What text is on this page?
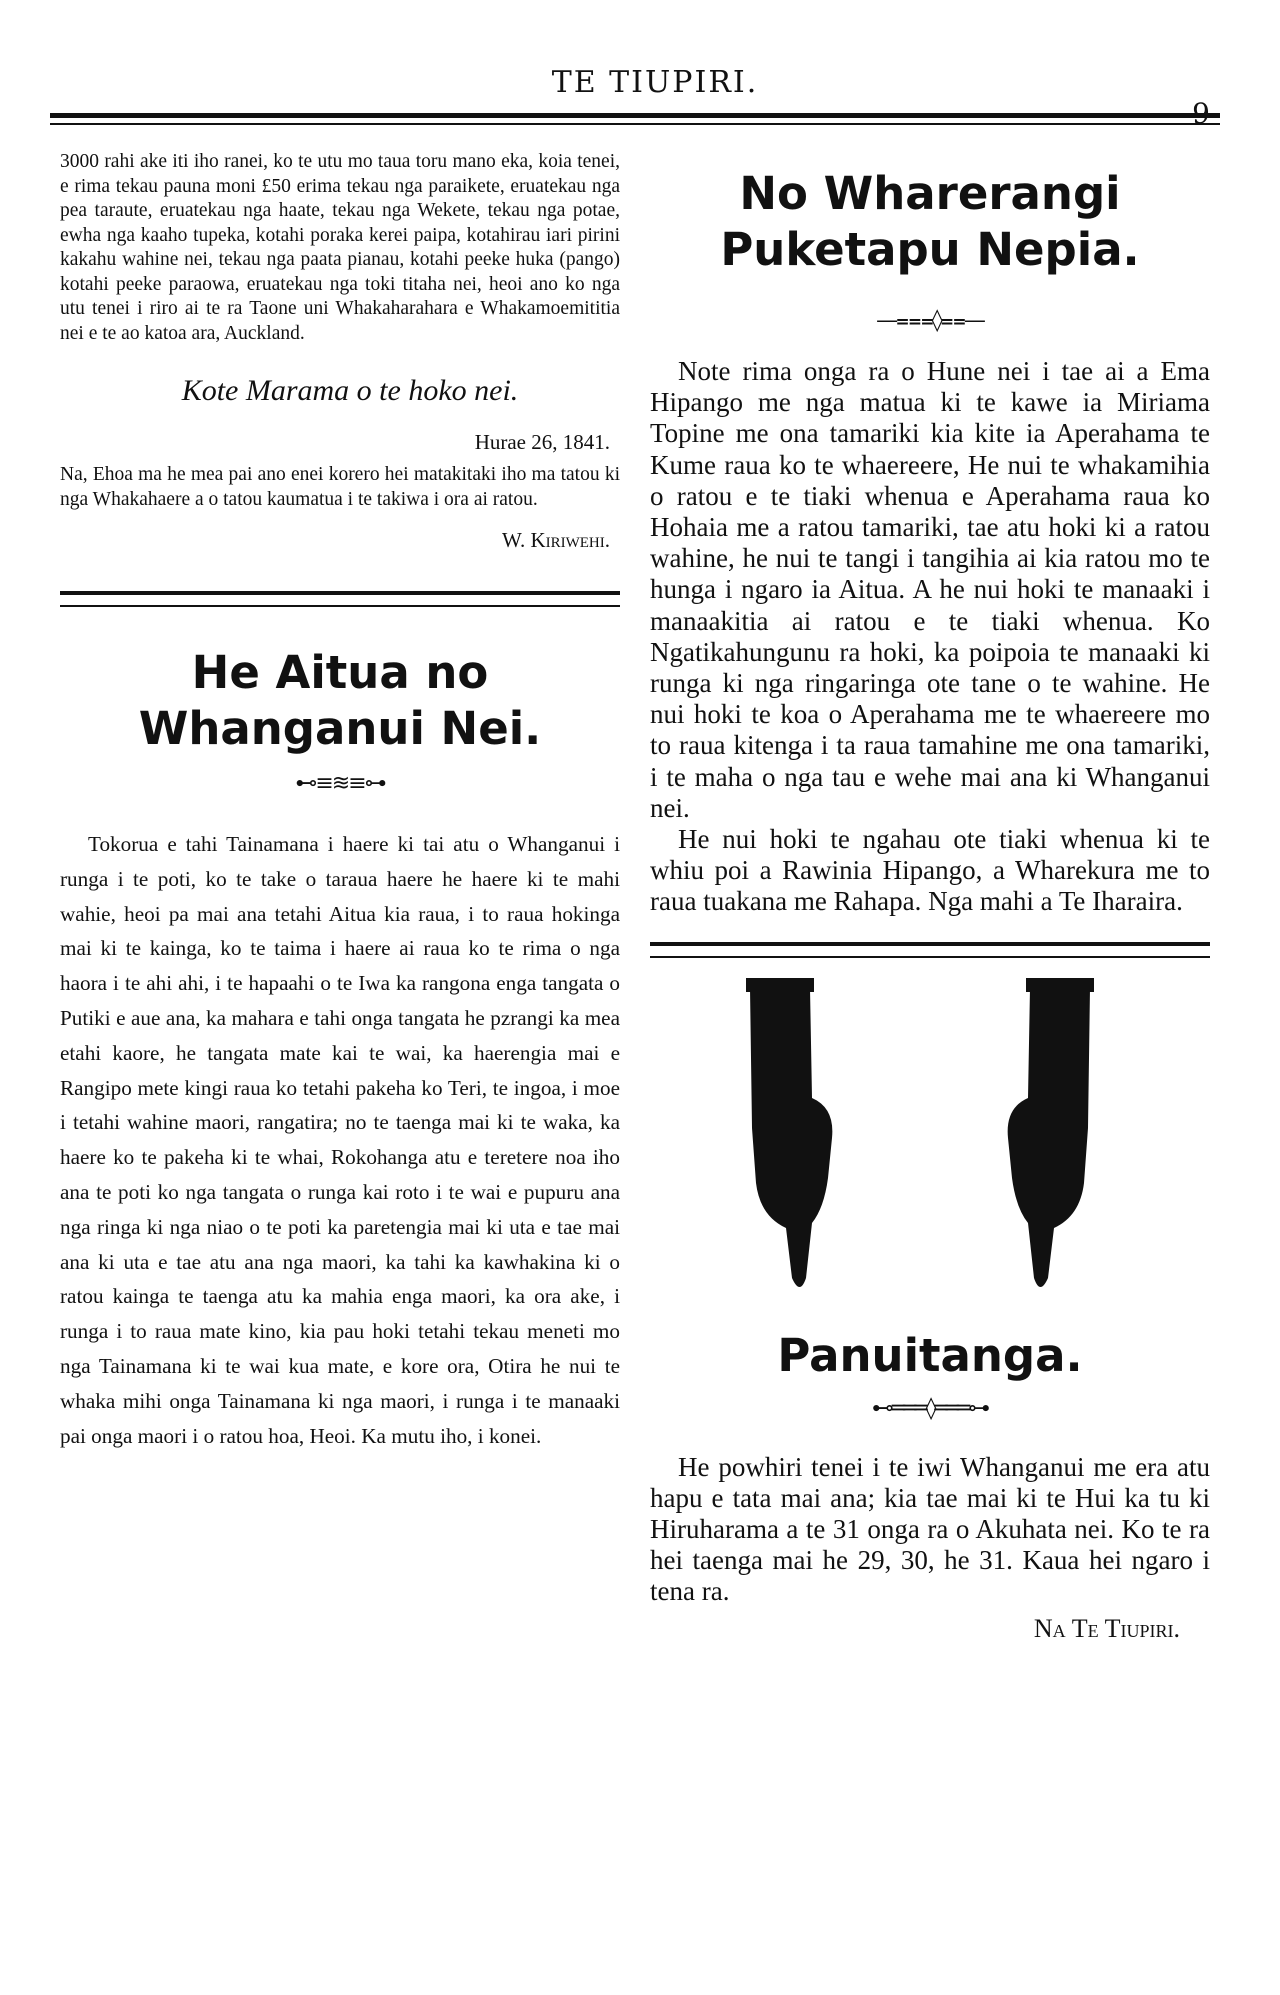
TE TIUPIRI.

3000 rahi ake iti iho ranei, ko te utu mo taua toru mano eka, koia tenei, e rima tekau pauna moni £50 erima tekau nga paraikete, eruatekau nga pea taraute, eruatekau nga haate, tekau nga Wekete, tekau nga potae, ewha nga kaaho tupeka, kotahi poraka kerei paipa, kotahirau iari pirini kakahu wahine nei, tekau nga paata pianau, kotahi peeke huka (pango) kotahi peeke paraowa, eruatekau nga toki titaha nei, heoi ano ko nga utu tenei i riro ai te ra Taone uni Whakaharahara e Whakamoemititia nei e te ao katoa ara, Auckland.

Kote Marama o te hoko nei.
Hurae 26, 1841.

Na, Ehoa ma he mea pai ano enei korero hei matakitaki iho ma tatou ki nga Whakahaere a o tatou kaumatua i te takiwa i ora ai ratou.

W. Kiriwehi.
He Aitua no Whanganui Nei.
⊷≡≋≡⊶

Tokorua e tahi Tainamana i haere ki tai atu o Whanganui i runga i te poti, ko te take o taraua haere he haere ki te mahi wahie, heoi pa mai ana tetahi Aitua kia raua, i to raua hokinga mai ki te kainga, ko te taima i haere ai raua ko te rima o nga haora i te ahi ahi, i te hapaahi o te Iwa ka rangona enga tangata o Putiki e aue ana, ka mahara e tahi onga tangata he pzrangi ka mea etahi kaore, he tangata mate kai te wai, ka haerengia mai e Rangipo mete kingi raua ko tetahi pakeha ko Teri, te ingoa, i moe i tetahi wahine maori, rangatira; no te taenga mai ki te waka, ka haere ko te pakeha ki te whai, Rokohanga atu e teretere noa iho ana te poti ko nga tangata o runga kai roto i te wai e pupuru ana nga ringa ki nga niao o te poti ka paretengia mai ki uta e tae mai ana ki uta e tae atu ana nga maori, ka tahi ka kawhakina ki o ratou kainga te taenga atu ka mahia enga maori, ka ora ake, i runga i to raua mate kino, kia pau hoki tetahi tekau meneti mo nga Tainamana ki te wai kua mate, e kore ora, Otira he nui te whaka mihi onga Tainamana ki nga maori, i runga i te manaaki pai onga maori i o ratou hoa, Heoi. Ka mutu iho, i konei.

No Wharerangi Puketapu Nepia.
—⩶◊⩵—

Note rima onga ra o Hune nei i tae ai a Ema Hipango me nga matua ki te kawe ia Miriama Topine me ona tamariki kia kite ia Aperahama te Kume raua ko te whaereere, He nui te whakamihia o ratou e te tiaki whenua e Aperahama raua ko Hohaia me a ratou tamariki, tae atu hoki ki a ratou wahine, he nui te tangi i tangihia ai kia ratou mo te hunga i ngaro ia Aitua. A he nui hoki te manaaki i manaakitia ai ratou e te tiaki whenua. Ko Ngatikahungunu ra hoki, ka poipoia te manaaki ki runga ki nga ringaringa ote tane o te wahine. He nui hoki te koa o Aperahama me te whaereere mo to raua kitenga i ta raua tamahine me ona tamariki, i te maha o nga tau e wehe mai ana ki Whanganui nei.

He nui hoki te ngahau ote tiaki whenua ki te whiu poi a Rawinia Hipango, a Wharekura me to raua tuakana me Rahapa. Nga mahi a Te Iharaira.

Panuitanga.
⊷═══◊═══⊶

He powhiri tenei i te iwi Whanganui me era atu hapu e tata mai ana; kia tae mai ki te Hui ka tu ki Hiruharama a te 31 onga ra o Akuhata nei. Ko te ra hei taenga mai he 29, 30, he 31. Kaua hei ngaro i tena ra.

Na Te Tiupiri.
